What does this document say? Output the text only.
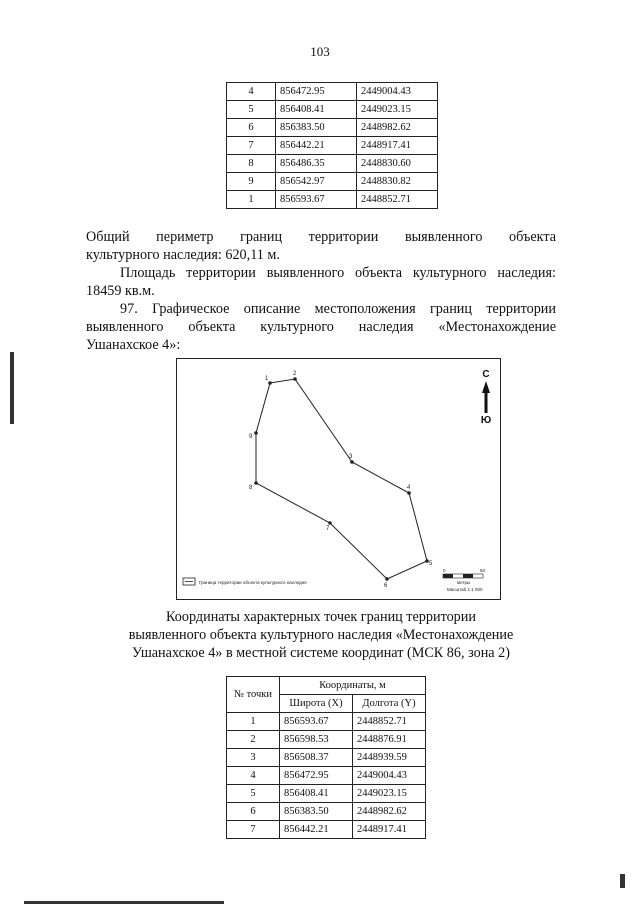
103
4	856472.95	2449004.43
5	856408.41	2449023.15
6	856383.50	2448982.62
7	856442.21	2448917.41
8	856486.35	2448830.60
9	856542.97	2448830.82
1	856593.67	2448852.71
Общий периметр границ территории выявленного объекта
культурного наследия: 620,11 м.
Площадь территории выявленного объекта культурного наследия:
18459 кв.м.
97. Графическое описание местоположения границ территории
выявленного объекта культурного наследия «Местонахождение
Ушанахское 4»:
1
2
3
4
5
6
7
8
9
С
Ю
Граница территории объекта культурного наследия
0	50
метры
Масштаб 1:1 000
Координаты характерных точек границ территории
выявленного объекта культурного наследия «Местонахождение
Ушанахское 4» в местной системе координат (МСК 86, зона 2)
№ точки	Координаты, м	
	Широта (X)	Долгота (Y)
1	856593.67	2448852.71
2	856598.53	2448876.91
3	856508.37	2448939.59
4	856472.95	2449004.43
5	856408.41	2449023.15
6	856383.50	2448982.62
7	856442.21	2448917.41
